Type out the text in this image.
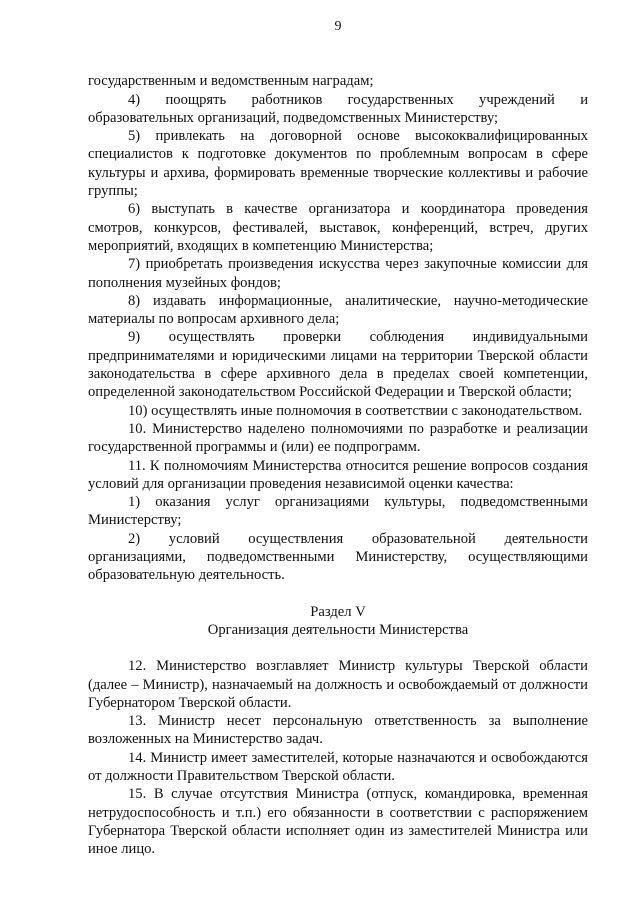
9

государственным и ведомственным наградам;

4) поощрять работников государственных учреждений и образовательных организаций, подведомственных Министерству;

5) привлекать на договорной основе высококвалифицированных специалистов к подготовке документов по проблемным вопросам в сфере культуры и архива, формировать временные творческие коллективы и рабочие группы;

6) выступать в качестве организатора и координатора проведения смотров, конкурсов, фестивалей, выставок, конференций, встреч, других мероприятий, входящих в компетенцию Министерства;

7) приобретать произведения искусства через закупочные комиссии для пополнения музейных фондов;

8) издавать информационные, аналитические, научно-методические материалы по вопросам архивного дела;

9) осуществлять проверки соблюдения индивидуальными предпринимателями и юридическими лицами на территории Тверской области законодательства в сфере архивного дела в пределах своей компетенции, определенной законодательством Российской Федерации и Тверской области;

10) осуществлять иные полномочия в соответствии с законодательством.

10. Министерство наделено полномочиями по разработке и реализации государственной программы и (или) ее подпрограмм.

11. К полномочиям Министерства относится решение вопросов создания условий для организации проведения независимой оценки качества:

1) оказания услуг организациями культуры, подведомственными Министерству;

2) условий осуществления образовательной деятельности организациями, подведомственными Министерству, осуществляющими образовательную деятельность.

Раздел V

Организация деятельности Министерства

12. Министерство возглавляет Министр культуры Тверской области (далее – Министр), назначаемый на должность и освобождаемый от должности Губернатором Тверской области.

13. Министр несет персональную ответственность за выполнение возложенных на Министерство задач.

14. Министр имеет заместителей, которые назначаются и освобождаются от должности Правительством Тверской области.

15. В случае отсутствия Министра (отпуск, командировка, временная нетрудоспособность и т.п.) его обязанности в соответствии с распоряжением Губернатора Тверской области исполняет один из заместителей Министра или иное лицо.
